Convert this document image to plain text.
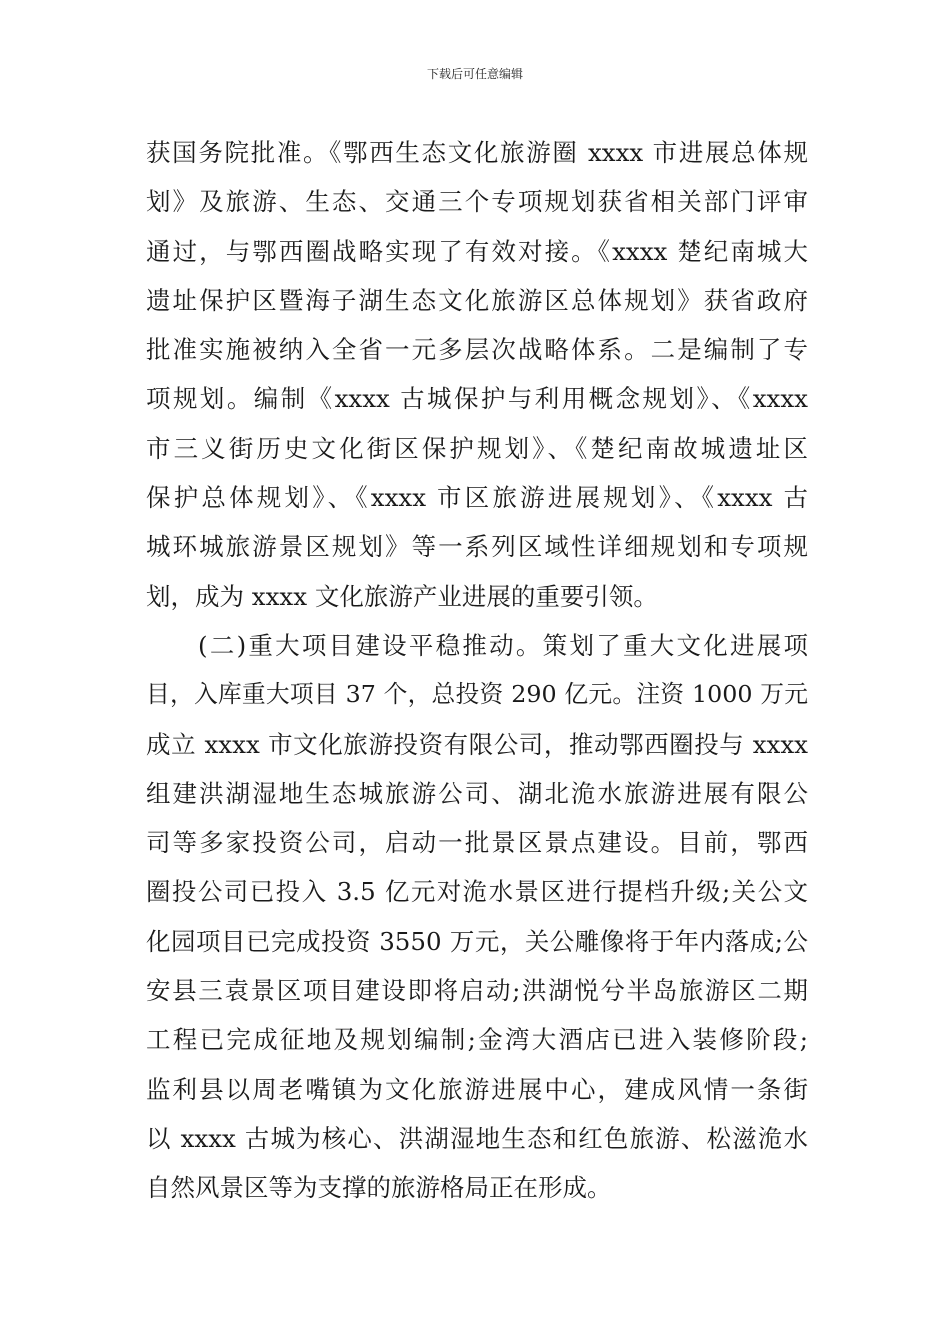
下载后可任意编辑
获国务院批准。《鄂西生态文化旅游圈 xxxx 市进展总体规
划》及旅游、生态、交通三个专项规划获省相关部门评审
通过，与鄂西圈战略实现了有效对接。《xxxx 楚纪南城大
遗址保护区暨海子湖生态文化旅游区总体规划》获省政府
批准实施被纳入全省一元多层次战略体系。二是编制了专
项规划。编制《xxxx 古城保护与利用概念规划》、《xxxx
市三义街历史文化街区保护规划》、《楚纪南故城遗址区
保护总体规划》、《xxxx 市区旅游进展规划》、《xxxx 古
城环城旅游景区规划》等一系列区域性详细规划和专项规
划，成为 xxxx 文化旅游产业进展的重要引领。
(二)重大项目建设平稳推动。策划了重大文化进展项
目，入库重大项目 37 个，总投资 290 亿元。注资 1000 万元
成立 xxxx 市文化旅游投资有限公司，推动鄂西圈投与 xxxx
组建洪湖湿地生态城旅游公司、湖北洈水旅游进展有限公
司等多家投资公司，启动一批景区景点建设。目前，鄂西
圈投公司已投入 3.5 亿元对洈水景区进行提档升级;关公文
化园项目已完成投资 3550 万元，关公雕像将于年内落成;公
安县三袁景区项目建设即将启动;洪湖悦兮半岛旅游区二期
工程已完成征地及规划编制;金湾大酒店已进入装修阶段;
监利县以周老嘴镇为文化旅游进展中心，建成风情一条街
以 xxxx 古城为核心、洪湖湿地生态和红色旅游、松滋洈水
自然风景区等为支撑的旅游格局正在形成。
